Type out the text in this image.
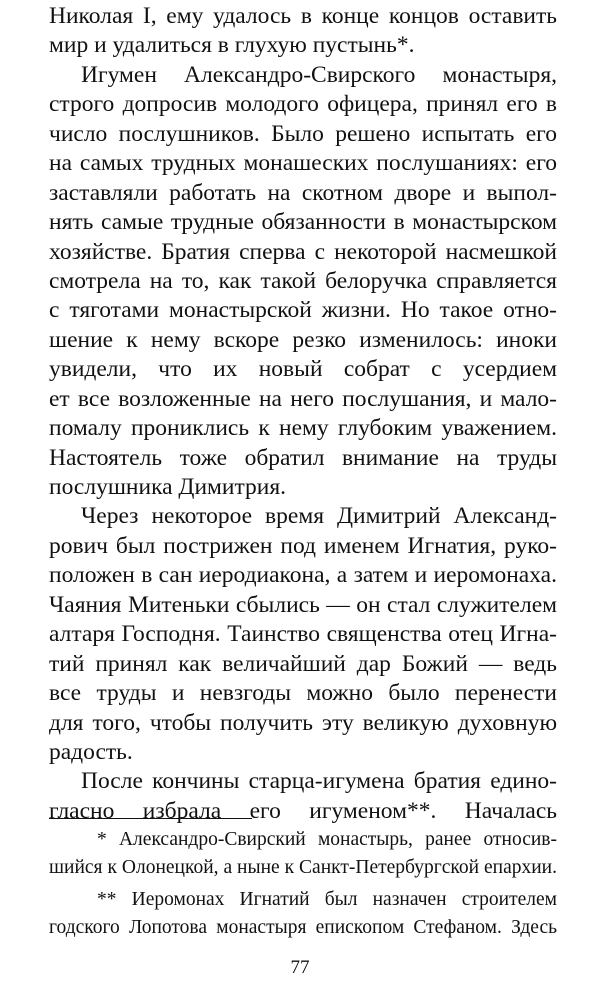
Николая I, ему удалось в конце концов оставить
мир и удалиться в глухую пустынь*.
Игумен Александро-Свирского монастыря,
строго допросив молодого офицера, принял его в
число послушников. Было решено испытать его
на самых трудных монашеских послушаниях: его
заставляли работать на скотном дворе и выпол-
нять самые трудные обязанности в монастырском
хозяйстве. Братия сперва с некоторой насмешкой
смотрела на то, как такой белоручка справляется
с тяготами монастырской жизни. Но такое отно-
шение к нему вскоре резко изменилось: иноки
увидели, что их новый собрат с усердием
ет все возложенные на него послушания, и мало-
помалу прониклись к нему глубоким уважением.
Настоятель тоже обратил внимание на труды
послушника Димитрия.
Через некоторое время Димитрий Александ-
рович был пострижен под именем Игнатия, руко-
положен в сан иеродиакона, а затем и иеромонаха.
Чаяния Митеньки сбылись — он стал служителем
алтаря Господня. Таинство священства отец Игна-
тий принял как величайший дар Божий — ведь
все труды и невзгоды можно было перенести
для того, чтобы получить эту великую духовную
радость.
После кончины старца-игумена братия едино-
гласно избрала его игуменом**. Началась
* Александро-Свирский монастырь, ранее относив-
шийся к Олонецкой, а ныне к Санкт-Петербургской епархии.
** Иеромонах Игнатий был назначен строителем
годского Лопотова монастыря епископом Стефаном. Здесь
77
